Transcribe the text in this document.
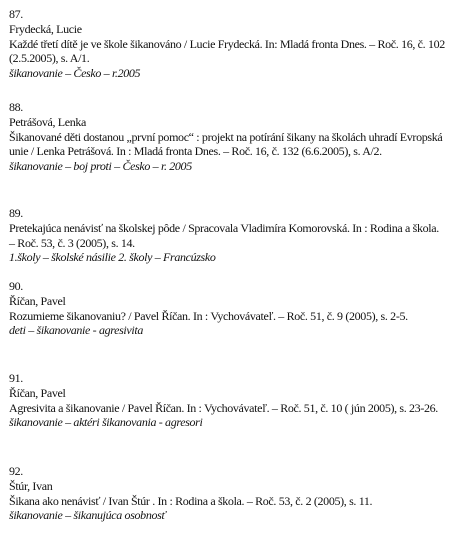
87.
Frydecká, Lucie
Každé třetí dítě je ve škole šikanováno / Lucie Frydecká. In: Mladá fronta Dnes. – Roč. 16, č. 102 (2.5.2005), s. A/1.
šikanovanie – Česko – r.2005
88.
Petrášová, Lenka
Šikanované děti dostanou „první pomoc“ : projekt na potírání šikany na školách uhradí Evropská unie / Lenka Petrášová. In : Mladá fronta Dnes. – Roč. 16, č. 132 (6.6.2005), s. A/2.
šikanovanie – boj proti – Česko – r. 2005
89.
Pretekajúca nenávisť na školskej pôde / Spracovala Vladimíra Komorovská. In : Rodina a škola. – Roč. 53, č. 3 (2005), s. 14.
1.školy – školské násilie 2. školy – Francúzsko
90.
Říčan, Pavel
Rozumieme šikanovaniu? / Pavel Říčan. In : Vychovávateľ. – Roč. 51, č. 9 (2005), s. 2-5.
deti – šikanovanie - agresivita
91.
Říčan, Pavel
Agresivita a šikanovanie / Pavel Říčan. In : Vychovávateľ. – Roč. 51, č. 10 ( jún 2005), s. 23-26.
šikanovanie – aktéri šikanovania - agresori
92.
Štúr, Ivan
Šikana ako nenávisť / Ivan Štúr . In : Rodina a škola. – Roč. 53, č. 2 (2005), s. 11.
šikanovanie – šikanujúca osobnosť
